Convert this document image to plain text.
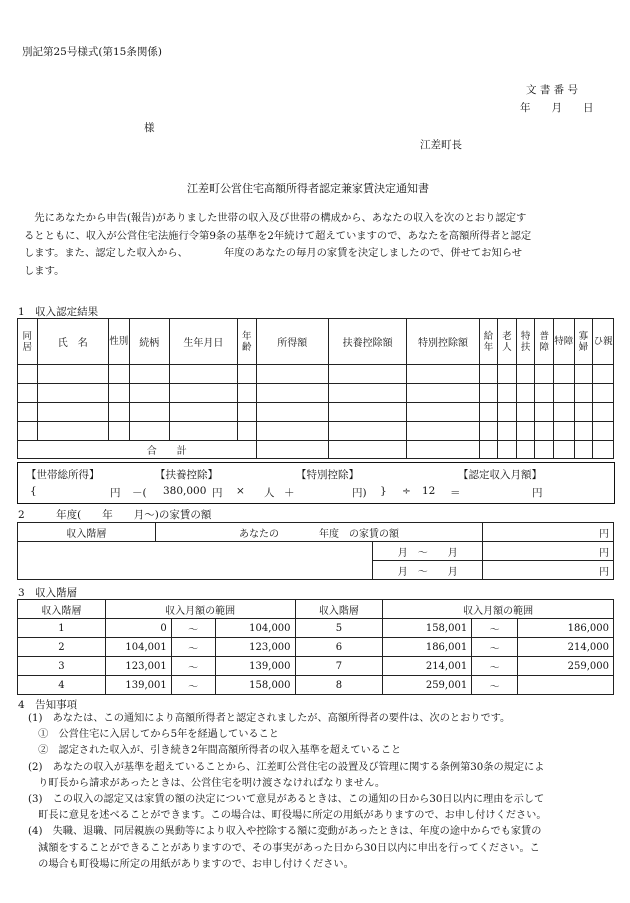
別記第25号様式(第15条関係)
文 書 番 号
年　　月　　日
様
江差町長
江差町公営住宅高額所得者認定兼家賃決定通知書
　先にあなたから申告(報告)がありました世帯の収入及び世帯の構成から、あなたの収入を次のとおり認定す
るとともに、収入が公営住宅法施行令第9条の基準を2年続けて超えていますので、あなたを高額所得者と認定
します。また、認定した収入から、　　　　年度のあなたの毎月の家賃を決定しましたので、併せてお知らせ
します。
1　収入認定結果
同居	氏　名	性別	続柄	生年月日	年齢	所得額	扶養控除額	特別控除額	給年	老人	特扶	普障	特障	寡婦	ひ親

合　　計															
【世帯総所得】	【扶養控除】	【特別控除】	【認定収入月額】
{	円 －( 380,000 円 × 人 ＋	円) } ÷ 12 ＝	円
2　　　年度(　　年　　月～)の家賃の額
収入階層	あなたの　　　　年度　の家賃の額		円
		月　～　　月	円
		月　～　　月	円
3　収入階層
収入階層	収入月額の範囲			収入階層	収入月額の範囲		
1	0	～	104,000	5	158,001	～	186,000
2	104,001	～	123,000	6	186,001	～	214,000
3	123,001	～	139,000	7	214,001	～	259,000
4	139,001	～	158,000	8	259,001	～	
4　告知事項
(1)　あなたは、この通知により高額所得者と認定されましたが、高額所得者の要件は、次のとおりです。
　①　公営住宅に入居してから5年を経過していること
　②　認定された収入が、引き続き2年間高額所得者の収入基準を超えていること
(2)　あなたの収入が基準を超えていることから、江差町公営住宅の設置及び管理に関する条例第30条の規定によ
　り町長から請求があったときは、公営住宅を明け渡さなければなりません。
(3)　この収入の認定又は家賃の額の決定について意見があるときは、この通知の日から30日以内に理由を示して
　町長に意見を述べることができます。この場合は、町役場に所定の用紙がありますので、お申し付けください。
(4)　失職、退職、同居親族の異動等により収入や控除する額に変動があったときは、年度の途中からでも家賃の
　減額をすることができることがありますので、その事実があった日から30日以内に申出を行ってください。こ
　の場合も町役場に所定の用紙がありますので、お申し付けください。
